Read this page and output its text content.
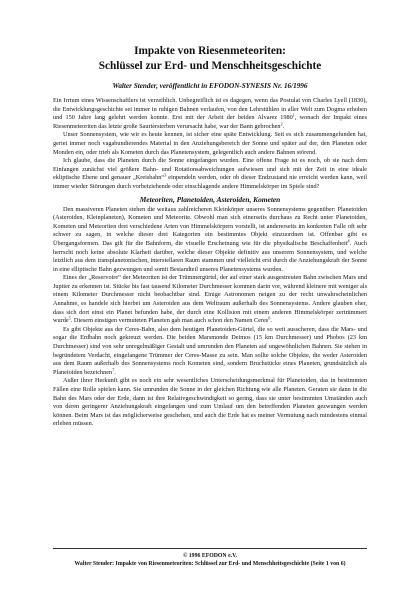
Impakte von Riesenmeteoriten:
Schlüssel zur Erd- und Menschheitsgeschichte
Walter Stender, veröffentlicht in EFODON-SYNESIS Nr. 16/1996

Ein Irrtum eines Wissenschaftlers ist verzeihlich. Unbegreiflich ist es dagegen, wenn das Postulat von Charles Lyell (1830), die Entwicklungsgeschichte sei immer in ruhigen Bahnen verlaufen, von den Lehrstühlen in aller Welt zum Dogma erhoben und 150 Jahre lang gelehrt werden konnte. Erst mit der Arbeit der beiden Alvarez 1980$^1$, wonach der Impakt eines Riesenmeteoriten das letzte große Saurièrsterben verursacht habe, war der Bann gebrochen$^2$.

Unser Sonnensystem, wie wir es heute kennen, ist sicher eine späte Entwicklung. Seit es sich zusammengefunden hat, geriet immer noch vagabundierendes Material in den Anziehungsbereich der Sonne und später auf der, den Planeten oder Monden ein, oder trieb als Kometen durch das Planetensystem, gelegentlich auch andere Bahnen störend.

Ich glaube, dass die Planeten durch die Sonne eingefangen wurden. Eine offene Frage ist es noch, ob sie nach dem Einfangen zunächst viel größere Bahn- und Rotationsabweichungen aufwiesen und sich mit der Zeit in eine ideale ekliptische Ebene und genauer „Kreisbahn“$^3$ einpendeln werden, oder ob dieser Endzustand nie erreicht werden kann, weil immer wieder Störungen durch vorbeiziehende oder einschlagende andere Himmelskörper im Spiele sind?

Meteoriten, Planetoiden, Asteroiden, Kometen

Den massiveren Planeten stehen die weitaus zahlreicheren Kleinkörper unseres Sonnensystems gegenüber: Planetoiden (Asteroiden, Kleinplaneten), Kometen und Meteorite. Obwohl man sich einerseits durchaus zu Recht unter Planetoiden, Kometen und Meteoriten drei verschiedene Arten von Himmelskörpern vorstellt, ist andererseits im konkreten Falle oft sehr schwer zu sagen, in welche dieser drei Kategorien ein bestimmtes Objekt einzuordnen ist. Offenbar gibt es Übergangsformen. Das gilt für die Bahnform, die visuelle Erscheinung wie für die physikalische Beschaffenheit$^4$. Auch herrscht noch keine absolute Klarheit darüber, welche dieser Objekte definitiv aus unserem Sonnensystem, und welche letztlich aus dem transplanetonischen, interstellaren Raum stammen und vielleicht erst durch die Anziehungskraft der Sonne in eine elliptische Bahn gezwungen und somit Bestandteil unseres Planetensystems wurden.

Eines der „Reservoire“ der Meteoriten ist der Trümmergürtel, der auf einer stark ausgestreuten Bahn zwischen Mars und Jupiter zu erkennen ist. Stücke bis fast tausend Kilometer Durchmesser kommen darin vor, während kleinere mit weniger als einem Kilometer Durchmesser nicht beobachtbar sind. Einige Astronomen neigen zu der recht unwahrscheinlichen Annahme, es handele sich hierbei um Asteroiden aus dem Weltraum außerhalb des Sonnensystems. Andere glauben eher, dass sich dort einst ein Planet befunden habe, der durch eine Kollision mit einem anderen Himmelskörper zertrümmert wurde$^5$. Diesem einstigen vermuteten Planeten gab man auch schon den Namen Ceres$^6$.

Es gibt Objekte aus der Ceres-Bahn, also dem heutigen Planetoiden-Gürtel, die so weit ausscheren, dass die Mars- und sogar die Erdbahn noch gekreuzt werden. Die beiden Marsmonde Deimos (15 km Durchmesser) und Phobos (23 km Durchmesser) sind von sehr unregelmäßiger Gestalt und umrunden den Planeten auf ungewöhnlichen Bahnen. Sie stehen in begründetem Verdacht, eingefangene Trümmer der Ceres-Masse zu sein. Man sollte solche Objekte, die weder Asteroiden aus dem Raum außerhalb des Sonnensystems noch Kometen sind, sondern Bruchstücke eines Planeten, grundsätzlich als Planetoiden bezeichnen$^7$.

Außer ihrer Herkunft gibt es noch ein sehr wesentliches Unterscheidungsmerkmal für Planetoiden, das in bestimmten Fällen eine Rolle spielen kann. Sie umrunden die Sonne in der gleichen Richtung wie alle Planeten. Geraten sie dann in die Bahn des Mars oder der Erde, dann ist ihre Relativgeschwindigkeit so gering, dass sie unter bestimmten Umständen auch von deren geringerer Anziehungskraft eingefangen und zum Umlauf um den betreffenden Planeten gezwungen werden können. Beim Mars ist das möglicherweise geschehen, und auch die Erde hat es meiner Vermutung nach mindestens einmal erleben müssen.

© 1996 EFODON e.V.
Walter Stender: Impakte von Riesenmeteoriten: Schlüssel zur Erd- und Menschheitsgeschichte (Seite 1 von 6)
